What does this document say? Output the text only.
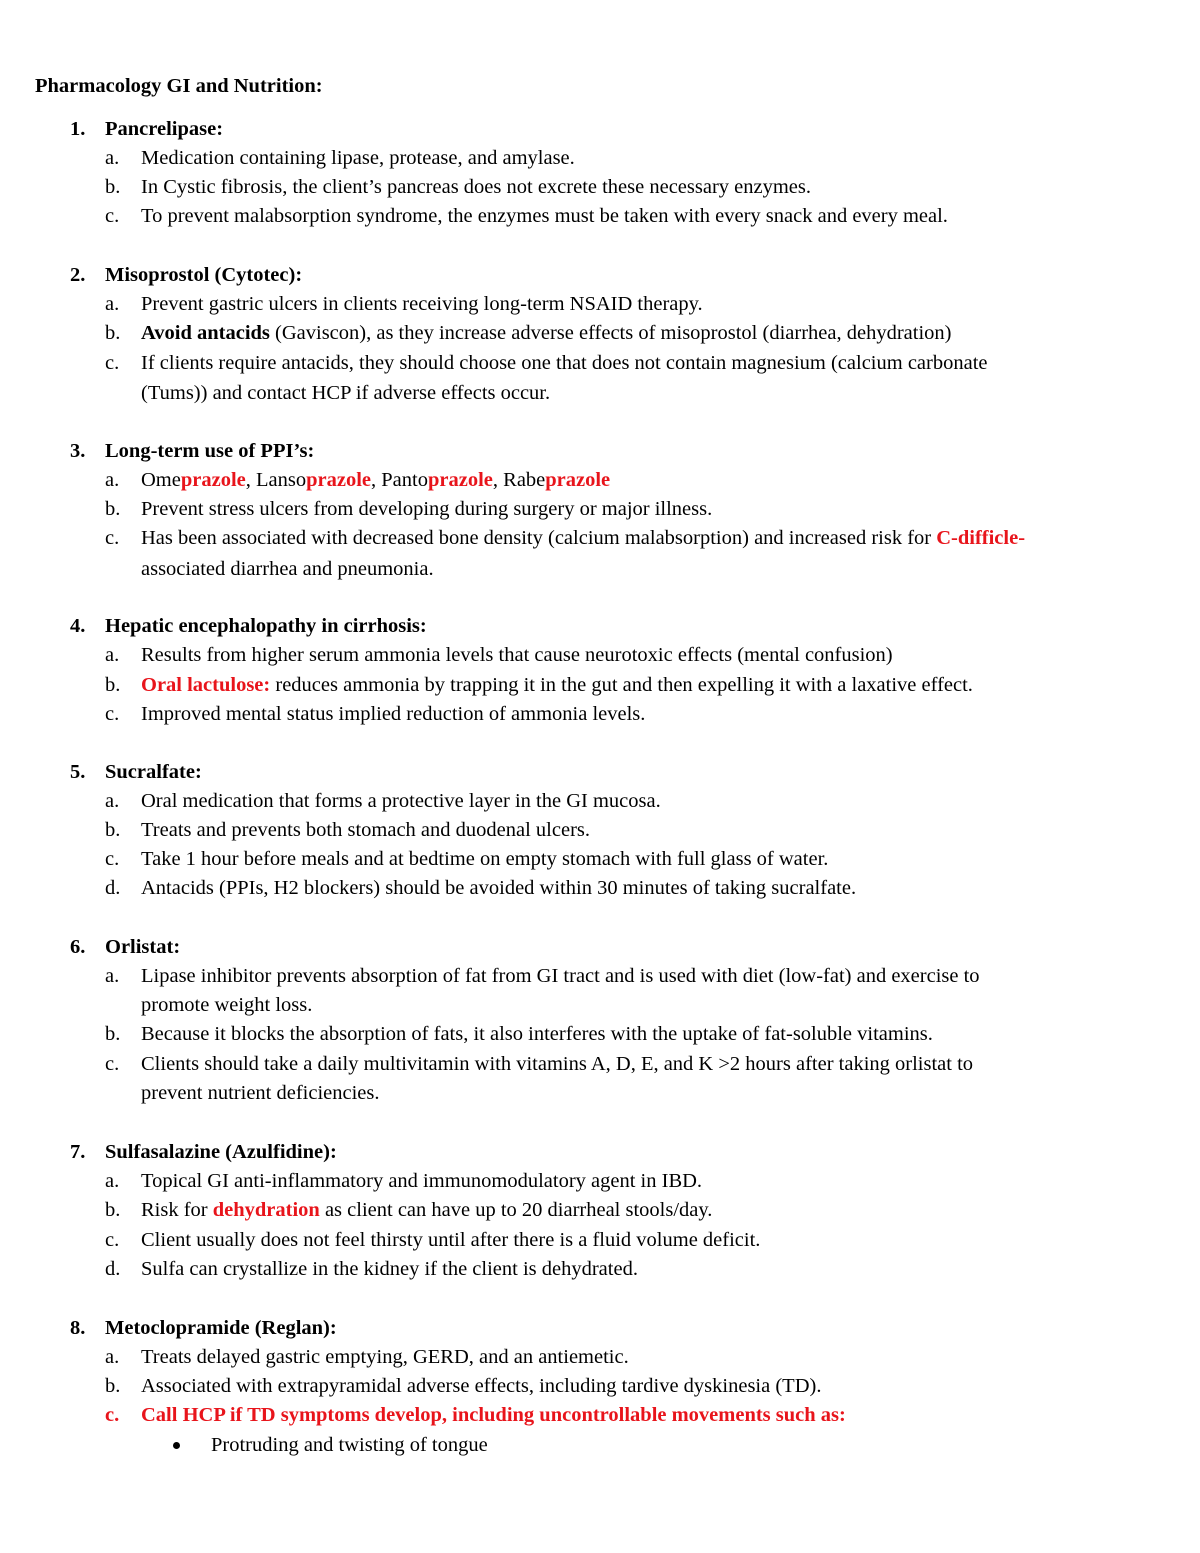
Pharmacology GI and Nutrition:
1. Pancrelipase:
a. Medication containing lipase, protease, and amylase.
b. In Cystic fibrosis, the client’s pancreas does not excrete these necessary enzymes.
c. To prevent malabsorption syndrome, the enzymes must be taken with every snack and every meal.
2. Misoprostol (Cytotec):
a. Prevent gastric ulcers in clients receiving long-term NSAID therapy.
b. Avoid antacids (Gaviscon), as they increase adverse effects of misoprostol (diarrhea, dehydration)
c. If clients require antacids, they should choose one that does not contain magnesium (calcium carbonate
(Tums)) and contact HCP if adverse effects occur.
3. Long-term use of PPI’s:
a. Omeprazole, Lansoprazole, Pantoprazole, Rabeprazole
b. Prevent stress ulcers from developing during surgery or major illness.
c. Has been associated with decreased bone density (calcium malabsorption) and increased risk for C-difficle-
associated diarrhea and pneumonia.
4. Hepatic encephalopathy in cirrhosis:
a. Results from higher serum ammonia levels that cause neurotoxic effects (mental confusion)
b. Oral lactulose: reduces ammonia by trapping it in the gut and then expelling it with a laxative effect.
c. Improved mental status implied reduction of ammonia levels.
5. Sucralfate:
a. Oral medication that forms a protective layer in the GI mucosa.
b. Treats and prevents both stomach and duodenal ulcers.
c. Take 1 hour before meals and at bedtime on empty stomach with full glass of water.
d. Antacids (PPIs, H2 blockers) should be avoided within 30 minutes of taking sucralfate.
6. Orlistat:
a. Lipase inhibitor prevents absorption of fat from GI tract and is used with diet (low-fat) and exercise to
promote weight loss.
b. Because it blocks the absorption of fats, it also interferes with the uptake of fat-soluble vitamins.
c. Clients should take a daily multivitamin with vitamins A, D, E, and K >2 hours after taking orlistat to
prevent nutrient deficiencies.
7. Sulfasalazine (Azulfidine):
a. Topical GI anti-inflammatory and immunomodulatory agent in IBD.
b. Risk for dehydration as client can have up to 20 diarrheal stools/day.
c. Client usually does not feel thirsty until after there is a fluid volume deficit.
d. Sulfa can crystallize in the kidney if the client is dehydrated.
8. Metoclopramide (Reglan):
a. Treats delayed gastric emptying, GERD, and an antiemetic.
b. Associated with extrapyramidal adverse effects, including tardive dyskinesia (TD).
c. Call HCP if TD symptoms develop, including uncontrollable movements such as:
Protruding and twisting of tongue
